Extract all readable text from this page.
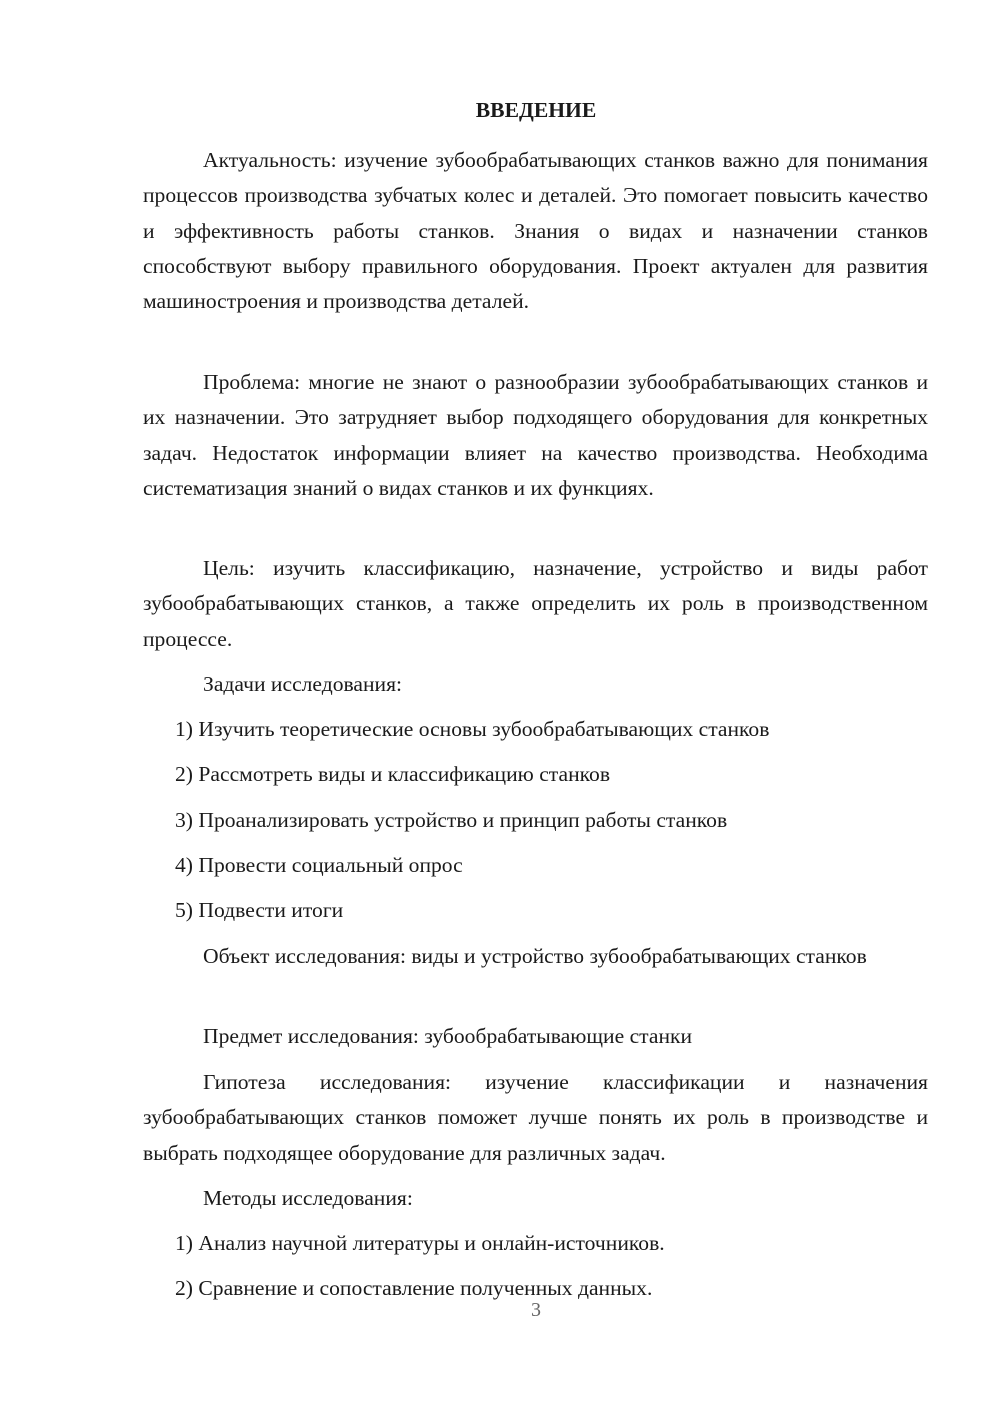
ВВЕДЕНИЕ

Актуальность: изучение зубообрабатывающих станков важно для понимания процессов производства зубчатых колес и деталей. Это помогает повысить качество и эффективность работы станков. Знания о видах и назначении станков способствуют выбору правильного оборудования. Проект актуален для развития машиностроения и производства деталей.

Проблема: многие не знают о разнообразии зубообрабатывающих станков и их назначении. Это затрудняет выбор подходящего оборудования для конкретных задач. Недостаток информации влияет на качество производства. Необходима систематизация знаний о видах станков и их функциях.

Цель: изучить классификацию, назначение, устройство и виды работ зубообрабатывающих станков, а также определить их роль в производственном процессе.

Задачи исследования:

1) Изучить теоретические основы зубообрабатывающих станков

2) Рассмотреть виды и классификацию станков

3) Проанализировать устройство и принцип работы станков

4) Провести социальный опрос

5) Подвести итоги

Объект исследования: виды и устройство зубообрабатывающих станков

Предмет исследования: зубообрабатывающие станки

Гипотеза исследования: изучение классификации и назначения зубообрабатывающих станков поможет лучше понять их роль в производстве и выбрать подходящее оборудование для различных задач.

Методы исследования:

1) Анализ научной литературы и онлайн-источников.

2) Сравнение и сопоставление полученных данных.

3
